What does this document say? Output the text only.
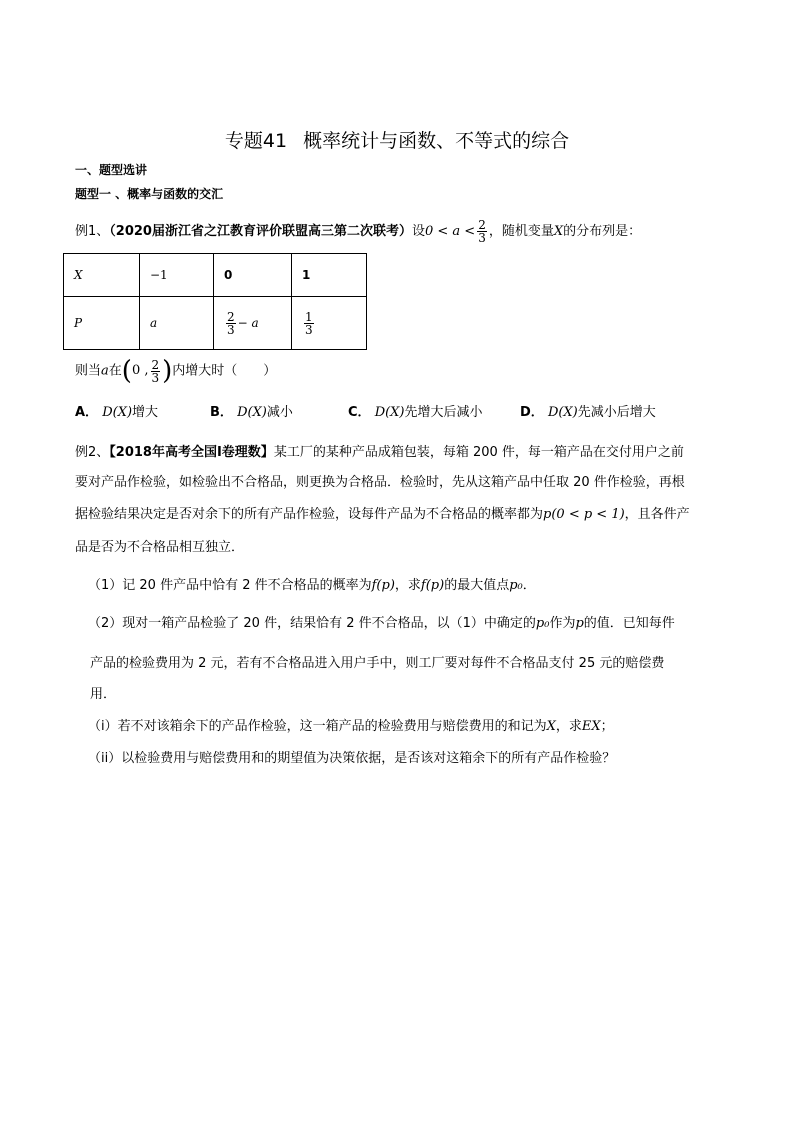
专题41 概率统计与函数、不等式的综合
一、题型选讲
题型一 、概率与函数的交汇
例1、（2020届浙江省之江教育评价联盟高三第二次联考）设$0 < a < \frac{2}{3}$ ，随机变量X的分布列是：
X	−1	0	1
P	a	$\frac{2}{3} - a$	$\frac{1}{3}$
则当a在 ( 0 , $\frac{2}{3}$ ) 内增大时（　　）
A． D(X)增大	B． D(X)减小	C． D(X)先增大后减小	D． D(X)先减小后增大
例2、【2018年高考全国Ⅰ卷理数】某工厂的某种产品成箱包装，每箱 200 件，每一箱产品在交付用户之前
要对产品作检验，如检验出不合格品，则更换为合格品．检验时，先从这箱产品中任取 20 件作检验，再根
据检验结果决定是否对余下的所有产品作检验，设每件产品为不合格品的概率都为p(0 < p < 1)，且各件产
品是否为不合格品相互独立．
（1）记 20 件产品中恰有 2 件不合格品的概率为f(p)，求f(p)的最大值点p₀．
（2）现对一箱产品检验了 20 件，结果恰有 2 件不合格品，以（1）中确定的p₀作为p的值．已知每件
产品的检验费用为 2 元，若有不合格品进入用户手中，则工厂要对每件不合格品支付 25 元的赔偿费
用．
（i）若不对该箱余下的产品作检验，这一箱产品的检验费用与赔偿费用的和记为X，求EX；
（ii）以检验费用与赔偿费用和的期望值为决策依据，是否该对这箱余下的所有产品作检验？
